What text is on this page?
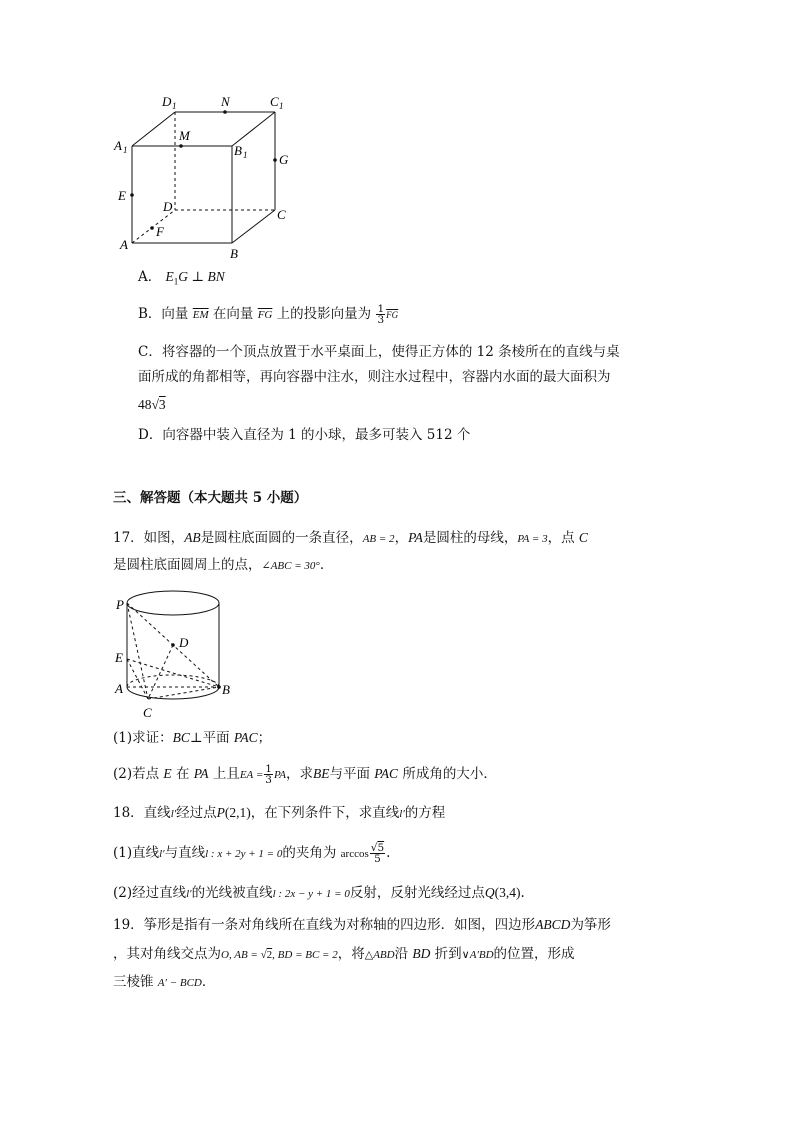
D 1	N	C 1
A 1
M
B 1 G
E
D
C
F
A
B
A． $E_1G$ ⊥ BN
B．向量 $\overline{EM}$ 在向量 $\overline{FG}$ 上的投影向量为 $\frac{1}{3} \overline{FG}$
C．将容器的一个顶点放置于水平桌面上，使得正方体的 12 条棱所在的直线与桌
面所成的角都相等，再向容器中注水，则注水过程中，容器内水面的最大面积为
48√3
D．向容器中装入直径为 1 的小球，最多可装入 512 个
三、解答题（本大题共 5 小题）
17．如图，AB是圆柱底面圆的一条直径，AB = 2，PA是圆柱的母线，PA = 3，点 C
是圆柱底面圆周上的点，∠ABC = 30°．
P
D
E
A	B
C
(1)求证：BC⊥平面 PAC；
(2)若点 E 在 PA 上且EA = $\frac{1}{3}$ PA，求BE与平面 PAC 所成角的大小．
18．直线l′经过点P(2,1)，在下列条件下，求直线l′的方程
(1)直线l′与直线l : x + 2y + 1 = 0的夹角为 $\arccos \frac{√5}{5}$ .
(2)经过直线l′的光线被直线l : 2x − y + 1 = 0反射，反射光线经过点Q(3,4).
19．筝形是指有一条对角线所在直线为对称轴的四边形．如图，四边形ABCD为筝形
，其对角线交点为O, AB = √2, BD = BC = 2，将△ABD沿 BD 折到∨A′BD的位置，形成
三棱锥 A′ − BCD．
